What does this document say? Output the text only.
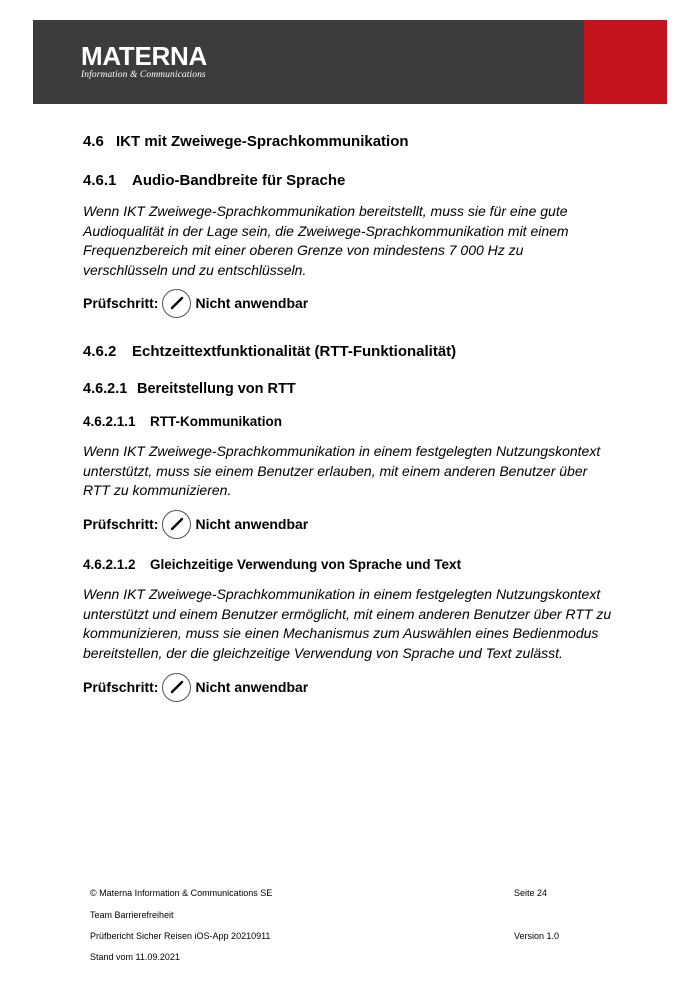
MATERNA
Information & Communications
4.6 IKT mit Zweiwege-Sprachkommunikation
4.6.1 Audio-Bandbreite für Sprache
Wenn IKT Zweiwege-Sprachkommunikation bereitstellt, muss sie für eine gute
Audioqualität in der Lage sein, die Zweiwege-Sprachkommunikation mit einem
Frequenzbereich mit einer oberen Grenze von mindestens 7 000 Hz zu
verschlüsseln und zu entschlüsseln.
Prüfschritt:	Nicht anwendbar
4.6.2 Echtzeittextfunktionalität (RTT-Funktionalität)
4.6.2.1 Bereitstellung von RTT
4.6.2.1.1 RTT-Kommunikation
Wenn IKT Zweiwege-Sprachkommunikation in einem festgelegten Nutzungskontext
unterstützt, muss sie einem Benutzer erlauben, mit einem anderen Benutzer über
RTT zu kommunizieren.
Prüfschritt:	Nicht anwendbar
4.6.2.1.2 Gleichzeitige Verwendung von Sprache und Text
Wenn IKT Zweiwege-Sprachkommunikation in einem festgelegten Nutzungskontext
unterstützt und einem Benutzer ermöglicht, mit einem anderen Benutzer über RTT zu
kommunizieren, muss sie einen Mechanismus zum Auswählen eines Bedienmodus
bereitstellen, der die gleichzeitige Verwendung von Sprache und Text zulässt.
Prüfschritt:	Nicht anwendbar
© Materna Information & Communications SE	Seite 24
Team Barrierefreiheit
Prüfbericht Sicher Reisen iOS-App 20210911	Version 1.0
Stand vom 11.09.2021
